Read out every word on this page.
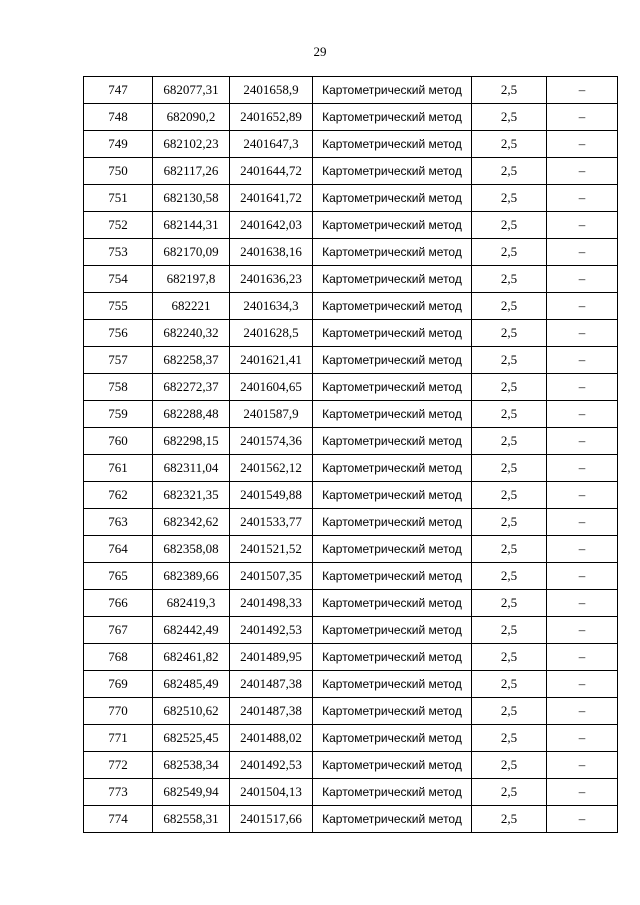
29
747	682077,31	2401658,9	Картометрический метод	2,5	–
748	682090,2	2401652,89	Картометрический метод	2,5	–
749	682102,23	2401647,3	Картометрический метод	2,5	–
750	682117,26	2401644,72	Картометрический метод	2,5	–
751	682130,58	2401641,72	Картометрический метод	2,5	–
752	682144,31	2401642,03	Картометрический метод	2,5	–
753	682170,09	2401638,16	Картометрический метод	2,5	–
754	682197,8	2401636,23	Картометрический метод	2,5	–
755	682221	2401634,3	Картометрический метод	2,5	–
756	682240,32	2401628,5	Картометрический метод	2,5	–
757	682258,37	2401621,41	Картометрический метод	2,5	–
758	682272,37	2401604,65	Картометрический метод	2,5	–
759	682288,48	2401587,9	Картометрический метод	2,5	–
760	682298,15	2401574,36	Картометрический метод	2,5	–
761	682311,04	2401562,12	Картометрический метод	2,5	–
762	682321,35	2401549,88	Картометрический метод	2,5	–
763	682342,62	2401533,77	Картометрический метод	2,5	–
764	682358,08	2401521,52	Картометрический метод	2,5	–
765	682389,66	2401507,35	Картометрический метод	2,5	–
766	682419,3	2401498,33	Картометрический метод	2,5	–
767	682442,49	2401492,53	Картометрический метод	2,5	–
768	682461,82	2401489,95	Картометрический метод	2,5	–
769	682485,49	2401487,38	Картометрический метод	2,5	–
770	682510,62	2401487,38	Картометрический метод	2,5	–
771	682525,45	2401488,02	Картометрический метод	2,5	–
772	682538,34	2401492,53	Картометрический метод	2,5	–
773	682549,94	2401504,13	Картометрический метод	2,5	–
774	682558,31	2401517,66	Картометрический метод	2,5	–
